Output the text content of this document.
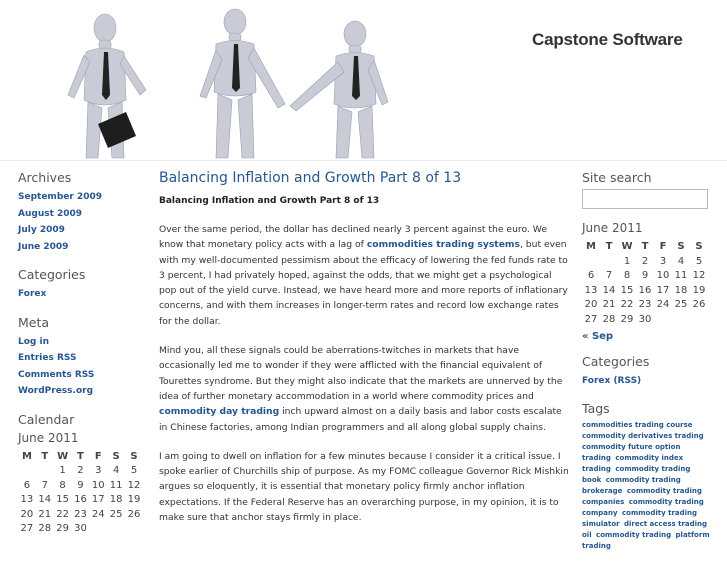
Capstone Software
Archives
September 2009
August 2009
July 2009
June 2009
Categories
Forex
Meta
Log in
Entries RSS
Comments RSS
WordPress.org
Calendar
June 2011
M	T	W	T	F	S	S
		1	2	3	4	5
6	7	8	9	10	11	12
13	14	15	16	17	18	19
20	21	22	23	24	25	26
27	28	29	30			
Balancing Inflation and Growth Part 8 of 13
Balancing Inflation and Growth Part 8 of 13

Over the same period, the dollar has declined nearly 3 percent against the euro. We know that monetary policy acts with a lag of commodities trading systems, but even with my well-documented pessimism about the efficacy of lowering the fed funds rate to 3 percent, I had privately hoped, against the odds, that we might get a psychological pop out of the yield curve. Instead, we have heard more and more reports of inflationary concerns, and with them increases in longer-term rates and record low exchange rates for the dollar.

Mind you, all these signals could be aberrations-twitches in markets that have occasionally led me to wonder if they were afflicted with the financial equivalent of Tourettes syndrome. But they might also indicate that the markets are unnerved by the idea of further monetary accommodation in a world where commodity prices and commodity day trading inch upward almost on a daily basis and labor costs escalate in Chinese factories, among Indian programmers and all along global supply chains.

I am going to dwell on inflation for a few minutes because I consider it a critical issue. I spoke earlier of Churchills ship of purpose. As my FOMC colleague Governor Rick Mishkin argues so eloquently, it is essential that monetary policy firmly anchor inflation expectations. If the Federal Reserve has an overarching purpose, in my opinion, it is to make sure that anchor stays firmly in place.

Site search
June 2011
M	T	W	T	F	S	S
		1	2	3	4	5
6	7	8	9	10	11	12
13	14	15	16	17	18	19
20	21	22	23	24	25	26
27	28	29	30			
« Sep
Categories
Forex (RSS)
Tags
commodities trading course commodity derivatives trading commodity future option trading commodity index trading commodity trading book commodity trading brokerage commodity trading companies commodity trading company commodity trading simulator direct access trading oil commodity trading platform trading
